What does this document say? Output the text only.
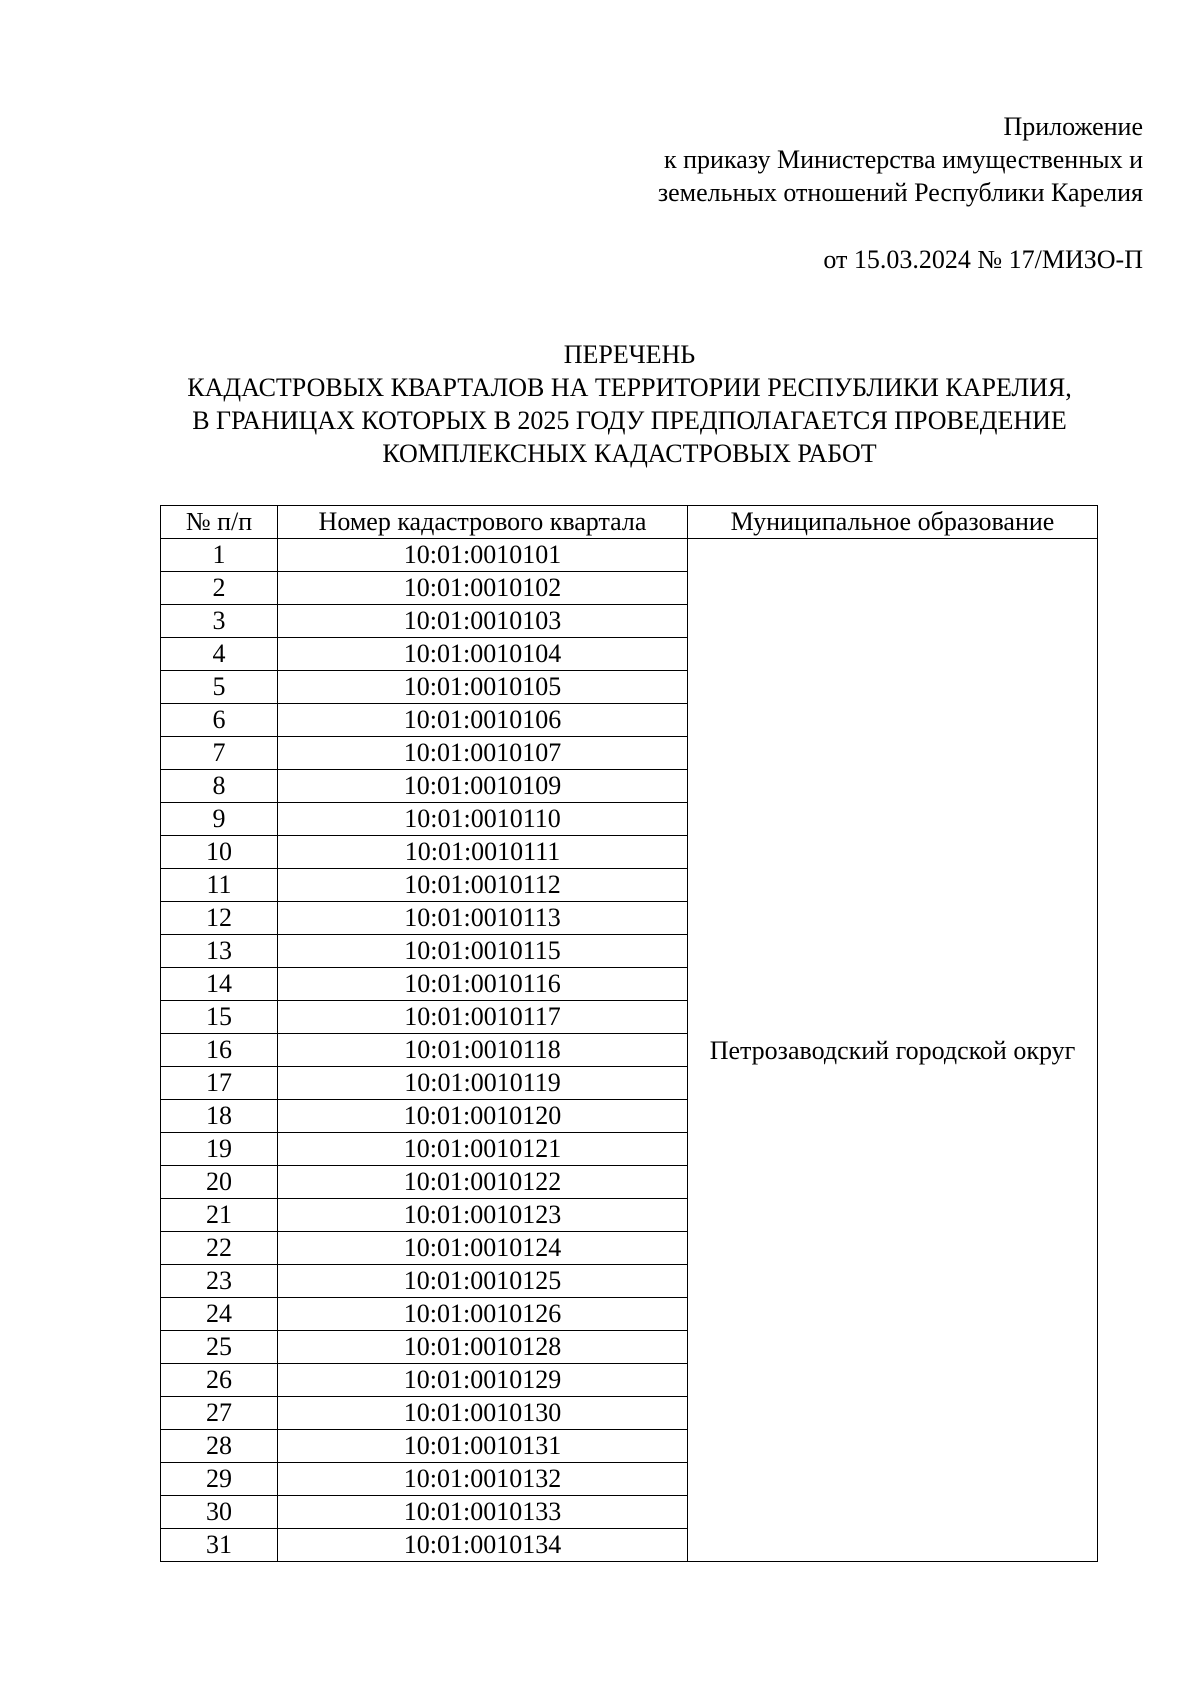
Приложение
к приказу Министерства имущественных и
земельных отношений Республики Карелия
от 15.03.2024 № 17/МИЗО-П
ПЕРЕЧЕНЬ
КАДАСТРОВЫХ КВАРТАЛОВ НА ТЕРРИТОРИИ РЕСПУБЛИКИ КАРЕЛИЯ,
В ГРАНИЦАХ КОТОРЫХ В 2025 ГОДУ ПРЕДПОЛАГАЕТСЯ ПРОВЕДЕНИЕ
КОМПЛЕКСНЫХ КАДАСТРОВЫХ РАБОТ
№ п/п	Номер кадастрового квартала	Муниципальное образование
1	10:01:0010101	Петрозаводский городской округ
2	10:01:0010102	
3	10:01:0010103	
4	10:01:0010104	
5	10:01:0010105	
6	10:01:0010106	
7	10:01:0010107	
8	10:01:0010109	
9	10:01:0010110	
10	10:01:0010111	
11	10:01:0010112	
12	10:01:0010113	
13	10:01:0010115	
14	10:01:0010116	
15	10:01:0010117	
16	10:01:0010118	
17	10:01:0010119	
18	10:01:0010120	
19	10:01:0010121	
20	10:01:0010122	
21	10:01:0010123	
22	10:01:0010124	
23	10:01:0010125	
24	10:01:0010126	
25	10:01:0010128	
26	10:01:0010129	
27	10:01:0010130	
28	10:01:0010131	
29	10:01:0010132	
30	10:01:0010133	
31	10:01:0010134	
